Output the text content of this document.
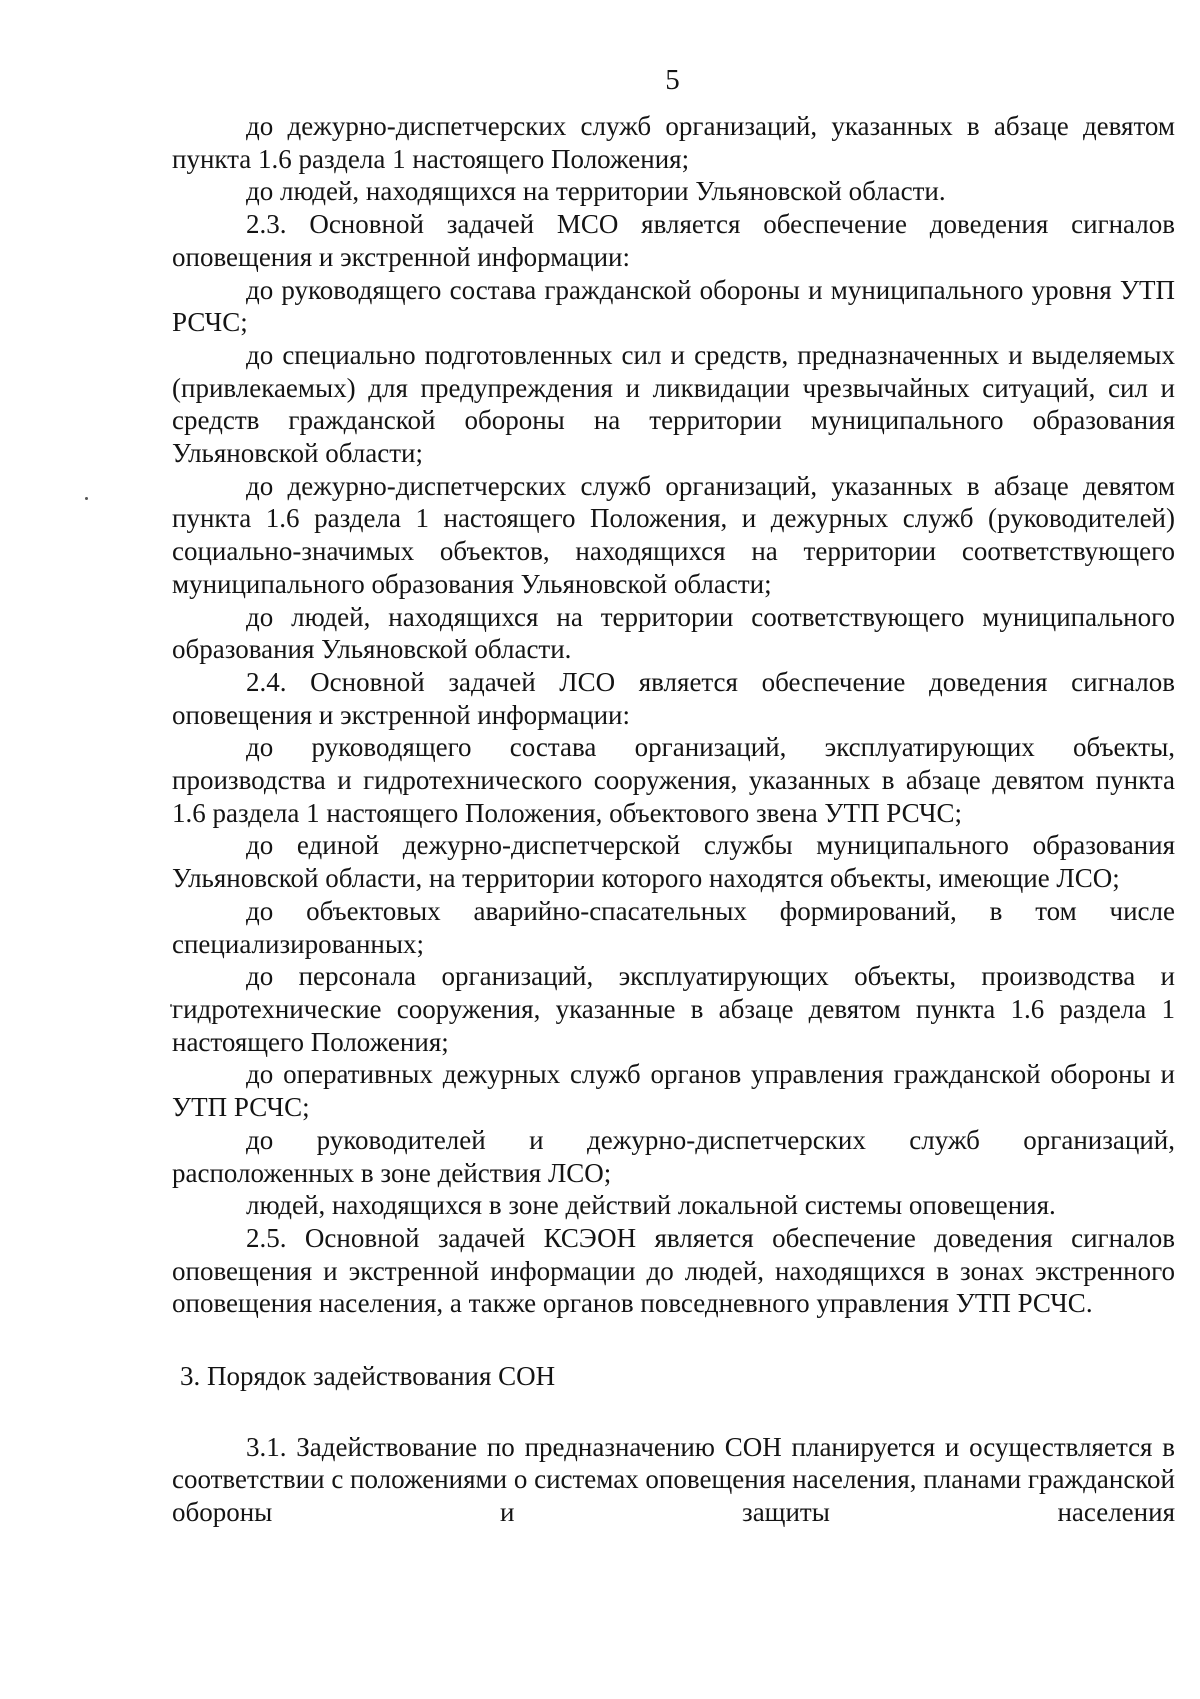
5

до дежурно-диспетчерских служб организаций, указанных в абзаце девятом пункта 1.6 раздела 1 настоящего Положения;

до людей, находящихся на территории Ульяновской области.

2.3. Основной задачей МСО является обеспечение доведения сигналов оповещения и экстренной информации:

до руководящего состава гражданской обороны и муниципального уровня УТП РСЧС;

до специально подготовленных сил и средств, предназначенных и выделяемых (привлекаемых) для предупреждения и ликвидации чрезвычайных ситуаций, сил и средств гражданской обороны на территории муниципального образования Ульяновской области;

до дежурно-диспетчерских служб организаций, указанных в абзаце девятом пункта 1.6 раздела 1 настоящего Положения, и дежурных служб (руководителей) социально-значимых объектов, находящихся на территории соответствующего муниципального образования Ульяновской области;

до людей, находящихся на территории соответствующего муниципального образования Ульяновской области.

2.4. Основной задачей ЛСО является обеспечение доведения сигналов оповещения и экстренной информации:

до руководящего состава организаций, эксплуатирующих объекты, производства и гидротехнического сооружения, указанных в абзаце девятом пункта 1.6 раздела 1 настоящего Положения, объектового звена УТП РСЧС;

до единой дежурно-диспетчерской службы муниципального образования Ульяновской области, на территории которого находятся объекты, имеющие ЛСО;

до объектовых аварийно-спасательных формирований, в том числе специализированных;

до персонала организаций, эксплуатирующих объекты, производства и гидротехнические сооружения, указанные в абзаце девятом пункта 1.6 раздела 1 настоящего Положения;

до оперативных дежурных служб органов управления гражданской обороны и УТП РСЧС;

до руководителей и дежурно-диспетчерских служб организаций, расположенных в зоне действия ЛСО;

людей, находящихся в зоне действий локальной системы оповещения.

2.5. Основной задачей КСЭОН является обеспечение доведения сигналов оповещения и экстренной информации до людей, находящихся в зонах экстренного оповещения населения, а также органов повседневного управления УТП РСЧС.

3. Порядок задействования СОН

3.1. Задействование по предназначению СОН планируется и осуществляется в соответствии с положениями о системах оповещения населения, планами гражданской обороны и защиты населения
